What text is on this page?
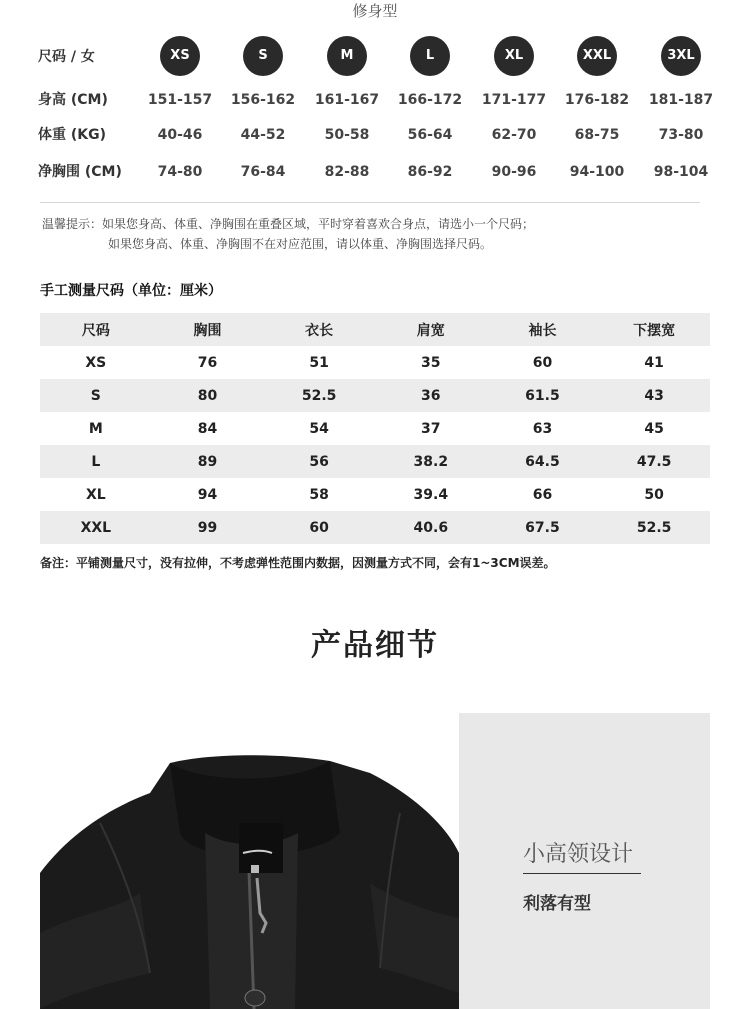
修身型
尺码 / 女	XS	S	M	L	XL	XXL	3XL
身高 (CM)	151-157	156-162	161-167	166-172	171-177	176-182	181-187
体重 (KG)	40-46	44-52	50-58	56-64	62-70	68-75	73-80
净胸围 (CM)	74-80	76-84	82-88	86-92	90-96	94-100	98-104
温馨提示：如果您身高、体重、净胸围在重叠区域，平时穿着喜欢合身点，请选小一个尺码；
如果您身高、体重、净胸围不在对应范围，请以体重、净胸围选择尺码。
手工测量尺码（单位：厘米）
尺码	胸围	衣长	肩宽	袖长	下摆宽
XS	76	51	35	60	41
S	80	52.5	36	61.5	43
M	84	54	37	63	45
L	89	56	38.2	64.5	47.5
XL	94	58	39.4	66	50
XXL	99	60	40.6	67.5	52.5
备注：平铺测量尺寸，没有拉伸，不考虑弹性范围内数据，因测量方式不同，会有1~3CM误差。
产品细节
小高领设计
利落有型
